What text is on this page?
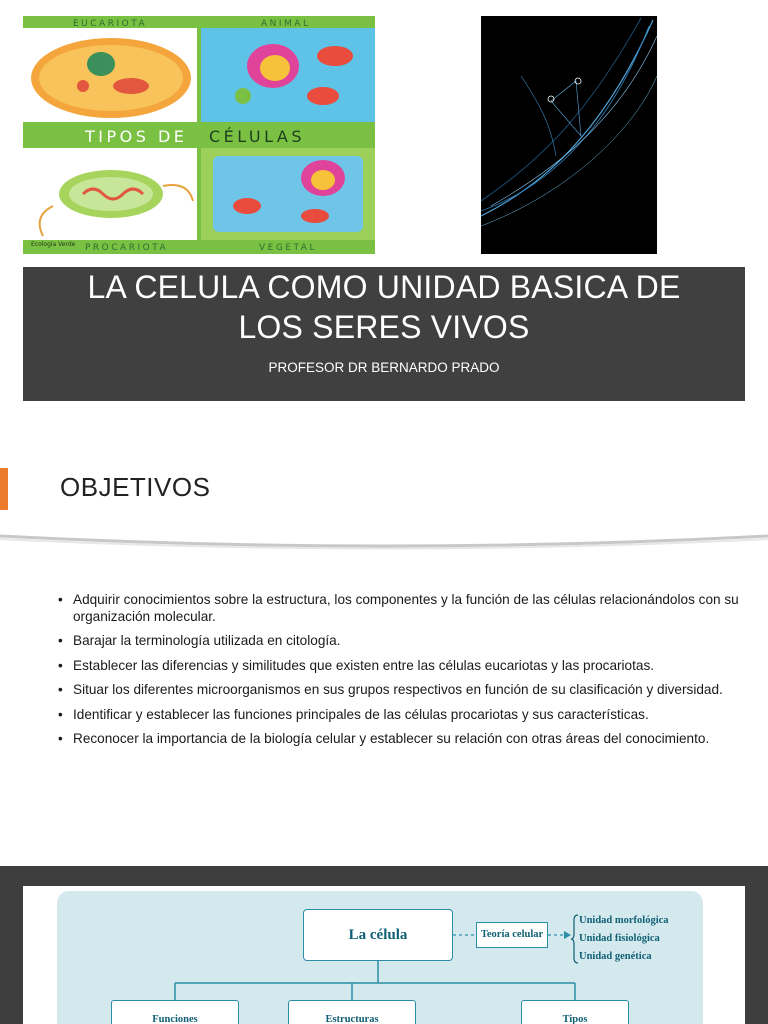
EUCARIOTA	ANIMAL
TIPOS DE CÉLULAS
PROCARIOTA	VEGETAL
Ecología Verde
LA CELULA COMO UNIDAD BASICA DE
LOS SERES VIVOS
PROFESOR DR BERNARDO PRADO
OBJETIVOS
• Adquirir conocimientos sobre la estructura, los componentes y la función de las células relacionándolos con su organización molecular.
• Barajar la terminología utilizada en citología.
• Establecer las diferencias y similitudes que existen entre las células eucariotas y las procariotas.
• Situar los diferentes microorganismos en sus grupos respectivos en función de su clasificación y diversidad.
• Identificar y establecer las funciones principales de las células procariotas y sus características.
• Reconocer la importancia de la biología celular y establecer su relación con otras áreas del conocimiento.
La célula	Teoría celular
Unidad morfológica
Unidad fisiológica
Unidad genética
Funciones	Estructuras	Tipos
